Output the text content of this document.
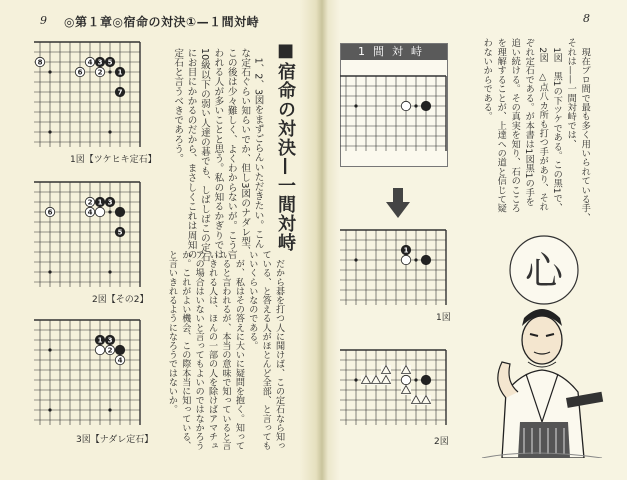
9 ◎第１章◎宿命の対決①—１間対峙
8	4 3 5
6 2 1
7
1図【ツケヒキ定石】
2 1 3
6	4
5
2図【その2】
1 3
2
4
3図【ナダレ定石】
■宿命の対決—一間対峙
　1、2、3図をまずごらんいただきたい。こん
な定石ぐらい知らいでか、但し3図のナダレ型、
この後は少々難しく、よくわからないが。こう言
われる人が多いことと思う。私の知るかぎりでは
10級以下の弱い人達の碁でも、しばしばこの定石
にお目にかかるのだから、まさしくこれは周知の
定石と言うべきであろう。
　だから碁を打つ人に聞けば、この定石なら知っ
ている、と答える人がほとんど全部、と言っても
いいくらいなのである。
　が、私はその答えに大いに疑問を抱く。知って
いると言われるが、本当の意味で知っていると言
いきれる人は、ほんの一部の人を除けばアマチュ
アの場合はいないと言ってもよいのではなかろう
か。これがよい機会、この際本当に知っている、
と言いきれるようになろうではないか。
8
　現在プロ間で最も多く用いられている手、
それは——一間対峙では、
　1図　黒1の下ツケである。この黒1で、
　2図　△点八カ所も打つ手があり、それ
ぞれ定石である。が本書は1図黒1の手を
追い続ける。その真実を知り、石のこころ
を理解することが、上達への道と信じて疑
わないからである。
1間対峙
1
1図
2図
心
